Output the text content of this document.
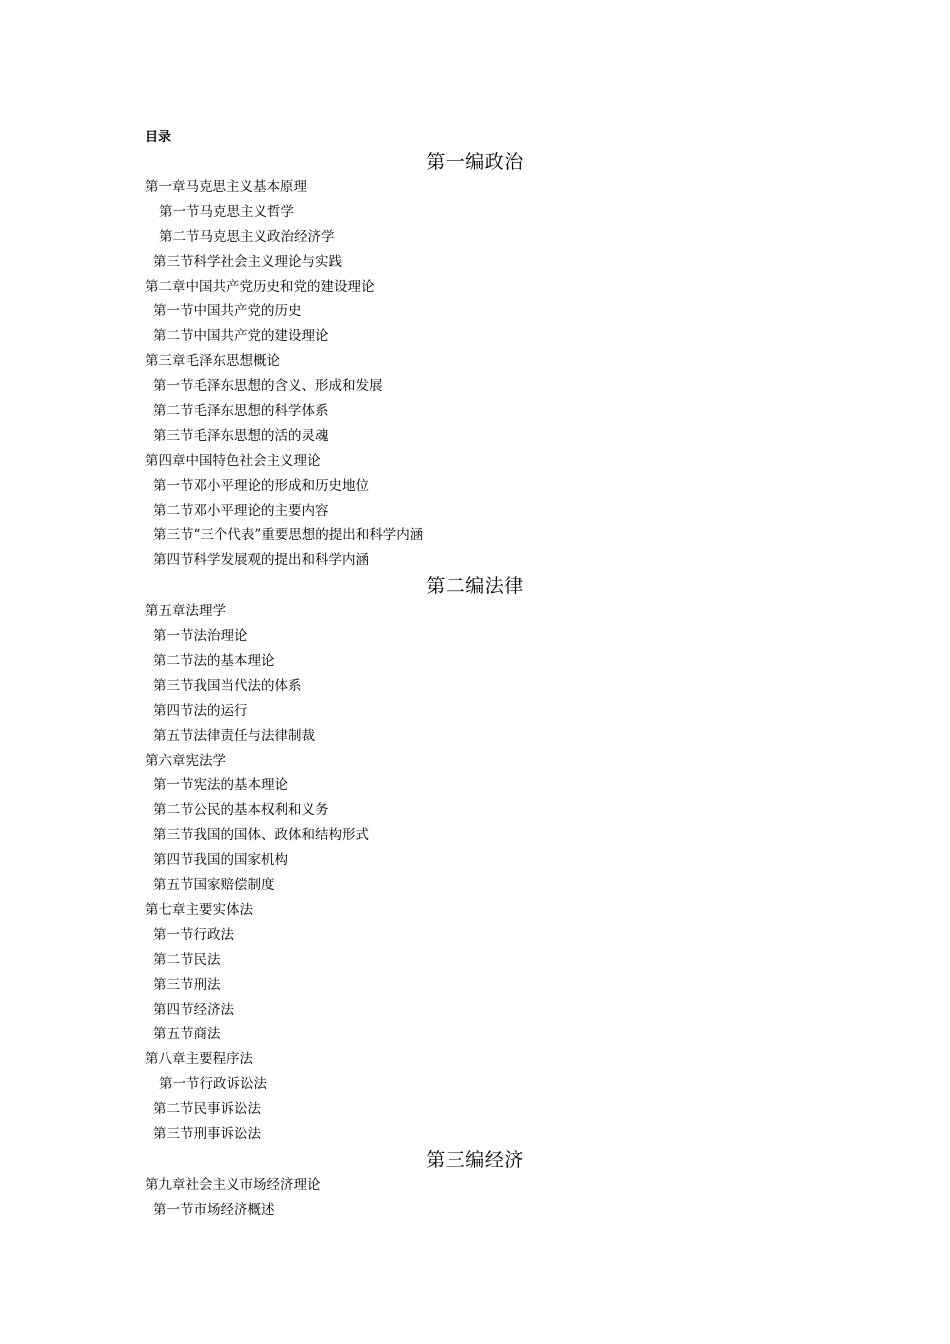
目录
第一编政治
第一章马克思主义基本原理
第一节马克思主义哲学
第二节马克思主义政治经济学
第三节科学社会主义理论与实践
第二章中国共产党历史和党的建设理论
第一节中国共产党的历史
第二节中国共产党的建设理论
第三章毛泽东思想概论
第一节毛泽东思想的含义、形成和发展
第二节毛泽东思想的科学体系
第三节毛泽东思想的活的灵魂
第四章中国特色社会主义理论
第一节邓小平理论的形成和历史地位
第二节邓小平理论的主要内容
第三节“三个代表”重要思想的提出和科学内涵
第四节科学发展观的提出和科学内涵
第二编法律
第五章法理学
第一节法治理论
第二节法的基本理论
第三节我国当代法的体系
第四节法的运行
第五节法律责任与法律制裁
第六章宪法学
第一节宪法的基本理论
第二节公民的基本权利和义务
第三节我国的国体、政体和结构形式
第四节我国的国家机构
第五节国家赔偿制度
第七章主要实体法
第一节行政法
第二节民法
第三节刑法
第四节经济法
第五节商法
第八章主要程序法
第一节行政诉讼法
第二节民事诉讼法
第三节刑事诉讼法
第三编经济
第九章社会主义市场经济理论
第一节市场经济概述
